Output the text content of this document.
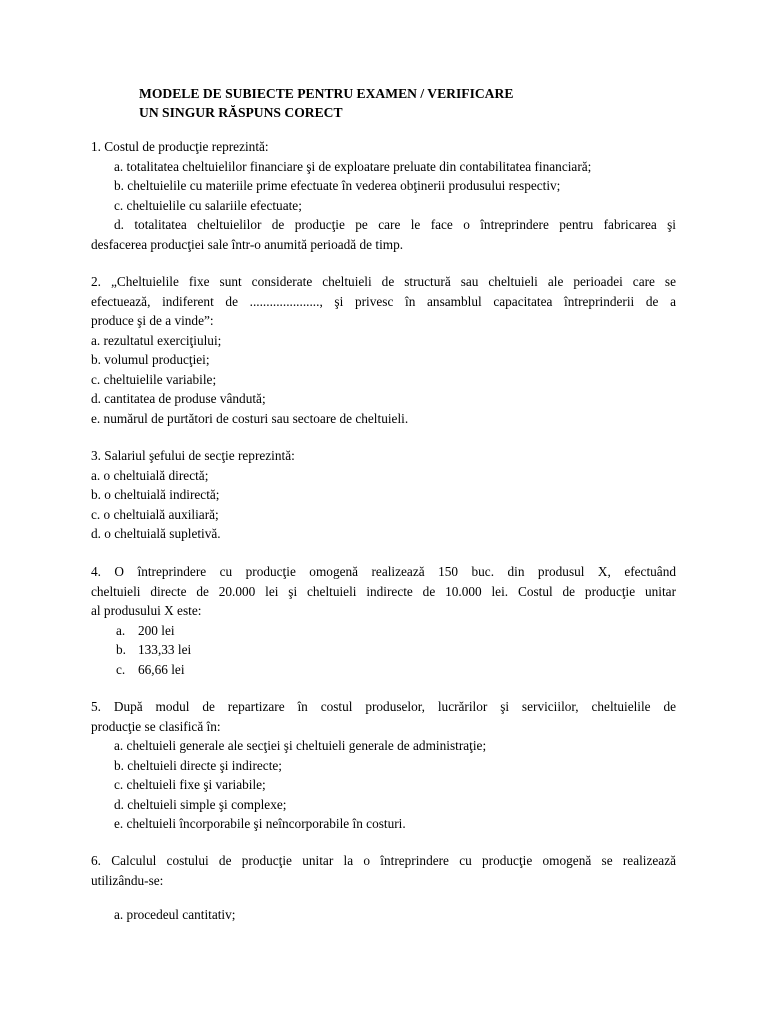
MODELE DE SUBIECTE PENTRU EXAMEN / VERIFICARE
UN SINGUR RĂSPUNS CORECT
1. Costul de producţie reprezintă:
a. totalitatea cheltuielilor financiare şi de exploatare preluate din contabilitatea financiară;
b. cheltuielile cu materiile prime efectuate în vederea obţinerii produsului respectiv;
c. cheltuielile cu salariile efectuate;
d. totalitatea cheltuielilor de producţie pe care le face o întreprindere pentru fabricarea şi
desfacerea producţiei sale într-o anumită perioadă de timp.
2. „Cheltuielile fixe sunt considerate cheltuieli de structură sau cheltuieli ale perioadei care se
efectuează, indiferent de ....................., şi privesc în ansamblul capacitatea întreprinderii de a
produce şi de a vinde”:
a. rezultatul exerciţiului;
b. volumul producţiei;
c. cheltuielile variabile;
d. cantitatea de produse vândută;
e. numărul de purtători de costuri sau sectoare de cheltuieli.
3. Salariul şefului de secţie reprezintă:
a. o cheltuială directă;
b. o cheltuială indirectă;
c. o cheltuială auxiliară;
d. o cheltuială supletivă.
4. O întreprindere cu producţie omogenă realizează 150 buc. din produsul X, efectuând
cheltuieli directe de 20.000 lei şi cheltuieli indirecte de 10.000 lei. Costul de producţie unitar
al produsului X este:
a. 200 lei
b. 133,33 lei
c. 66,66 lei
5. După modul de repartizare în costul produselor, lucrărilor şi serviciilor, cheltuielile de
producţie se clasifică în:
a. cheltuieli generale ale secţiei şi cheltuieli generale de administraţie;
b. cheltuieli directe şi indirecte;
c. cheltuieli fixe şi variabile;
d. cheltuieli simple şi complexe;
e. cheltuieli încorporabile şi neîncorporabile în costuri.
6. Calculul costului de producţie unitar la o întreprindere cu producţie omogenă se realizează
utilizându-se:
a. procedeul cantitativ;
